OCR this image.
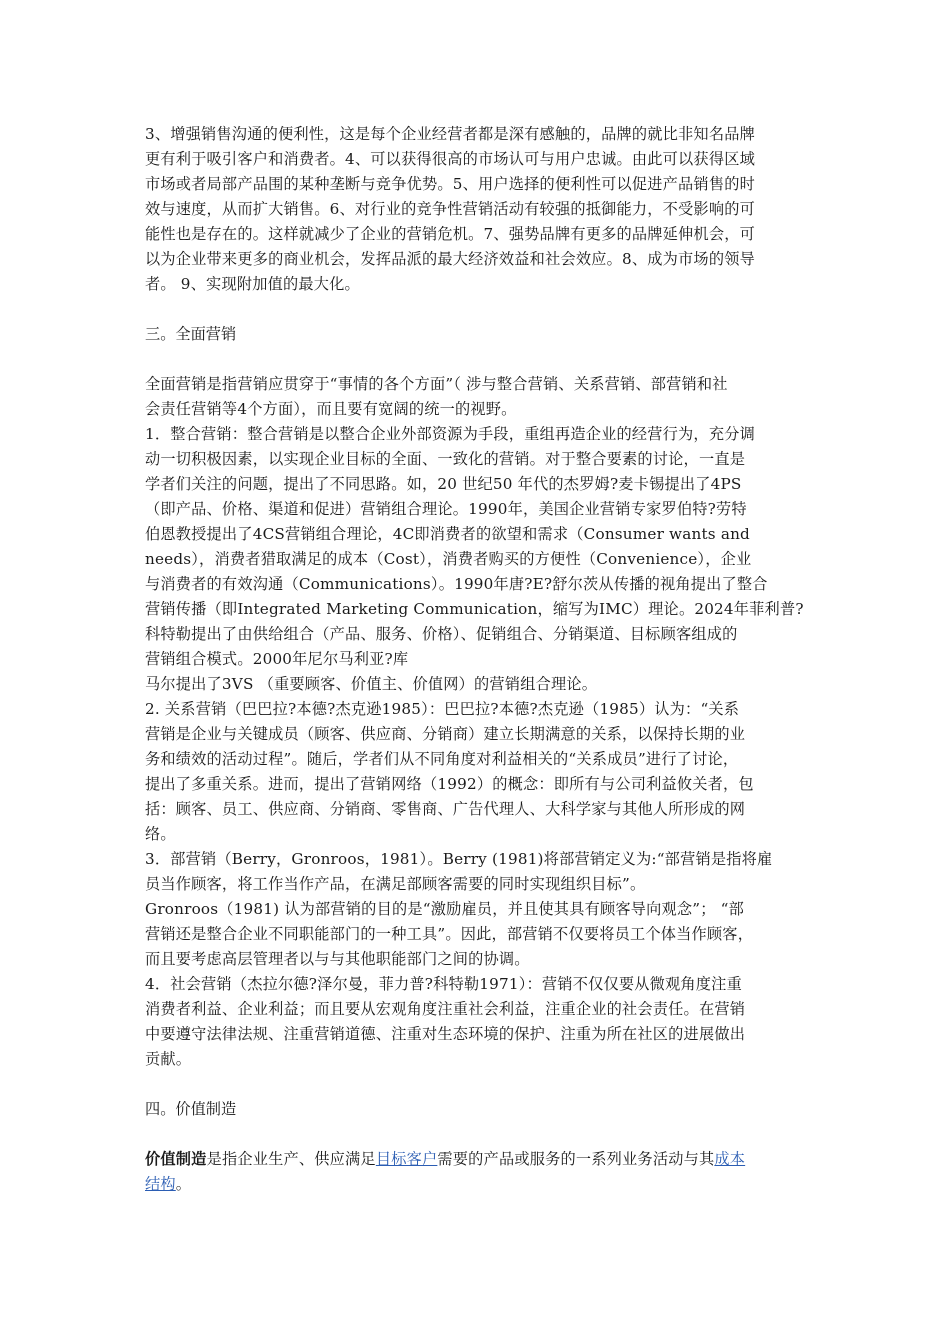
3、增强销售沟通的便利性，这是每个企业经营者都是深有感触的，品牌的就比非知名品牌
更有利于吸引客户和消费者。4、可以获得很高的市场认可与用户忠诚。由此可以获得区域
市场或者局部产品围的某种垄断与竞争优势。5、用户选择的便利性可以促进产品销售的时
效与速度，从而扩大销售。6、对行业的竞争性营销活动有较强的抵御能力，不受影响的可
能性也是存在的。这样就减少了企业的营销危机。7、强势品牌有更多的品牌延伸机会，可
以为企业带来更多的商业机会，发挥品派的最大经济效益和社会效应。8、成为市场的领导
者。 9、实现附加值的最大化。
三。全面营销
全面营销是指营销应贯穿于“事情的各个方面”（ 涉与整合营销、关系营销、部营销和社
会责任营销等4个方面），而且要有宽阔的统一的视野。
1．整合营销：整合营销是以整合企业外部资源为手段，重组再造企业的经营行为，充分调
动一切积极因素，以实现企业目标的全面、一致化的营销。对于整合要素的讨论，一直是
学者们关注的问题，提出了不同思路。如，20 世纪50 年代的杰罗姆?麦卡锡提出了4PS
（即产品、价格、渠道和促进）营销组合理论。1990年，美国企业营销专家罗伯特?劳特
伯恩教授提出了4CS营销组合理论，4C即消费者的欲望和需求（Consumer wants and
needs），消费者猎取满足的成本（Cost），消费者购买的方便性（Convenience），企业
与消费者的有效沟通（Communications）。1990年唐?E?舒尔茨从传播的视角提出了整合
营销传播（即Integrated Marketing Communication，缩写为IMC）理论。2024年菲利普?
科特勒提出了由供给组合（产品、服务、价格）、促销组合、分销渠道、目标顾客组成的
营销组合模式。2000年尼尔马利亚?库
马尔提出了3VS （重要顾客、价值主、价值网）的营销组合理论。
2. 关系营销（巴巴拉?本德?杰克逊1985）：巴巴拉?本德?杰克逊（1985）认为：“关系
营销是企业与关键成员（顾客、供应商、分销商）建立长期满意的关系，以保持长期的业
务和绩效的活动过程”。随后，学者们从不同角度对利益相关的“关系成员”进行了讨论，
提出了多重关系。进而，提出了营销网络（1992）的概念：即所有与公司利益攸关者，包
括：顾客、员工、供应商、分销商、零售商、广告代理人、大科学家与其他人所形成的网
络。
3．部营销（Berry，Gronroos，1981）。Berry (1981)将部营销定义为:“部营销是指将雇
员当作顾客，将工作当作产品，在满足部顾客需要的同时实现组织目标”。
Gronroos（1981) 认为部营销的目的是“激励雇员，并且使其具有顾客导向观念”； “部
营销还是整合企业不同职能部门的一种工具”。因此，部营销不仅要将员工个体当作顾客，
而且要考虑高层管理者以与与其他职能部门之间的协调。
4．社会营销（杰拉尔德?泽尔曼，菲力普?科特勒1971）：营销不仅仅要从微观角度注重
消费者利益、企业利益；而且要从宏观角度注重社会利益，注重企业的社会责任。在营销
中要遵守法律法规、注重营销道德、注重对生态环境的保护、注重为所在社区的进展做出
贡献。
四。价值制造
价值制造是指企业生产、供应满足目标客户需要的产品或服务的一系列业务活动与其成本
结构。
